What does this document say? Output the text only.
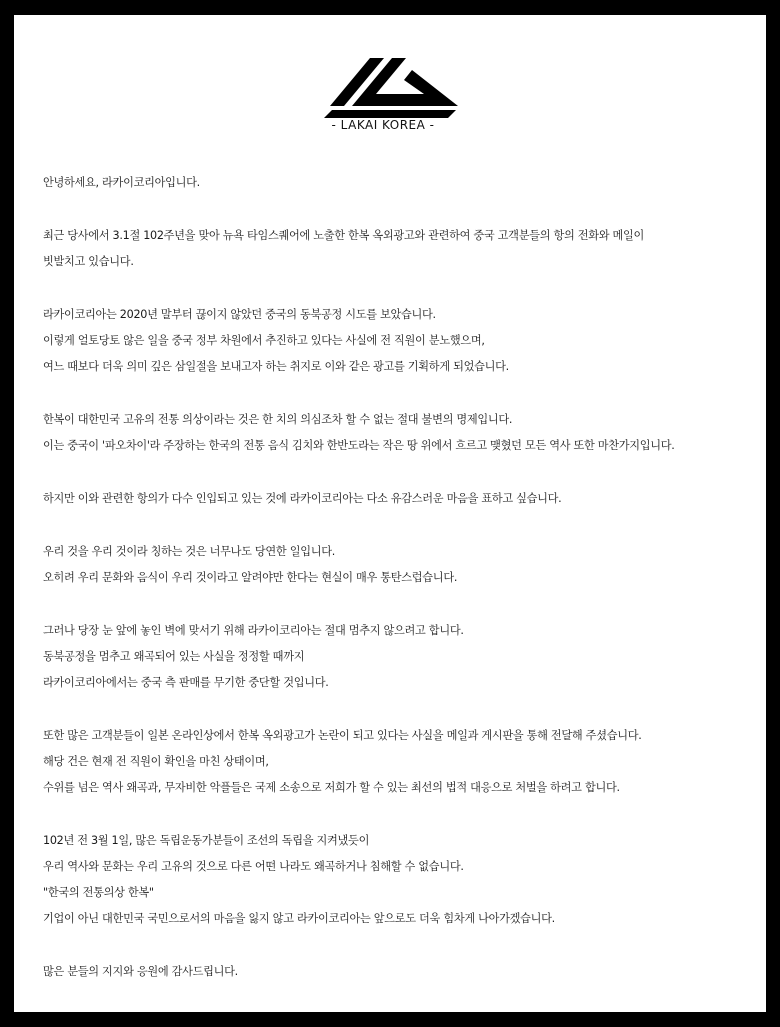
- LAKAI KOREA -
안녕하세요, 라카이코리아입니다.
최근 당사에서 3.1절 102주년을 맞아 뉴욕 타임스퀘어에 노출한 한복 옥외광고와 관련하여 중국 고객분들의 항의 전화와 메일이
빗발치고 있습니다.
라카이코리아는 2020년 말부터 끊이지 않았던 중국의 동북공정 시도를 보았습니다.
이렇게 얼토당토 않은 일을 중국 정부 차원에서 추진하고 있다는 사실에 전 직원이 분노했으며,
여느 때보다 더욱 의미 깊은 삼일절을 보내고자 하는 취지로 이와 같은 광고를 기획하게 되었습니다.
한복이 대한민국 고유의 전통 의상이라는 것은 한 치의 의심조차 할 수 없는 절대 불변의 명제입니다.
이는 중국이 '파오차이'라 주장하는 한국의 전통 음식 김치와 한반도라는 작은 땅 위에서 흐르고 맺혔던 모든 역사 또한 마찬가지입니다.
하지만 이와 관련한 항의가 다수 인입되고 있는 것에 라카이코리아는 다소 유감스러운 마음을 표하고 싶습니다.
우리 것을 우리 것이라 칭하는 것은 너무나도 당연한 일입니다.
오히려 우리 문화와 음식이 우리 것이라고 알려야만 한다는 현실이 매우 통탄스럽습니다.
그러나 당장 눈 앞에 놓인 벽에 맞서기 위해 라카이코리아는 절대 멈추지 않으려고 합니다.
동북공정을 멈추고 왜곡되어 있는 사실을 정정할 때까지
라카이코리아에서는 중국 측 판매를 무기한 중단할 것입니다.
또한 많은 고객분들이 일본 온라인상에서 한복 옥외광고가 논란이 되고 있다는 사실을 메일과 게시판을 통해 전달해 주셨습니다.
해당 건은 현재 전 직원이 확인을 마친 상태이며,
수위를 넘은 역사 왜곡과, 무자비한 악플들은 국제 소송으로 저희가 할 수 있는 최선의 법적 대응으로 처벌을 하려고 합니다.
102년 전 3월 1일, 많은 독립운동가분들이 조선의 독립을 지켜냈듯이
우리 역사와 문화는 우리 고유의 것으로 다른 어떤 나라도 왜곡하거나 침해할 수 없습니다.
"한국의 전통의상 한복"
기업이 아닌 대한민국 국민으로서의 마음을 잃지 않고 라카이코리아는 앞으로도 더욱 힘차게 나아가겠습니다.
많은 분들의 지지와 응원에 감사드립니다.
